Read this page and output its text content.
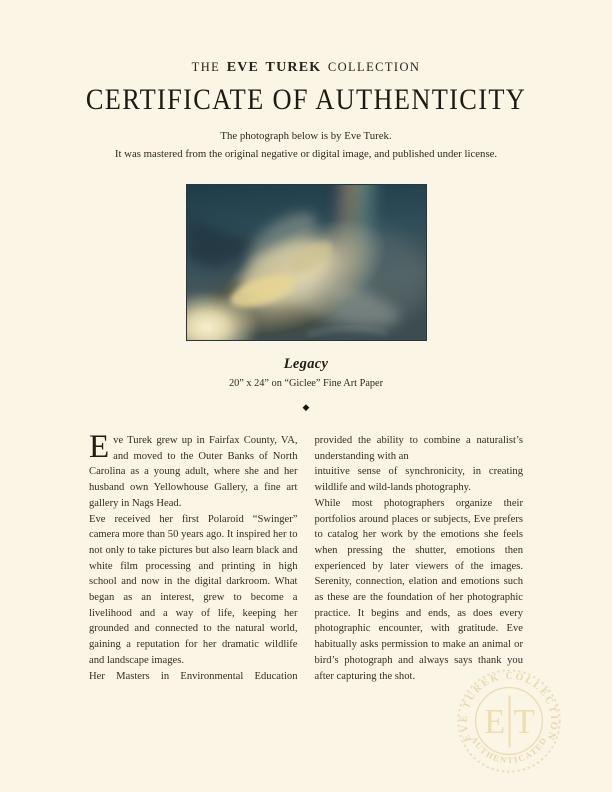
THE EVE TUREK COLLECTION
CERTIFICATE OF AUTHENTICITY

The photograph below is by Eve Turek.

It was mastered from the original negative or digital image, and published under license.

Legacy
20” x 24” on “Giclee” Fine Art Paper
◆

Eve Turek grew up in Fairfax County, VA, and moved to the Outer Banks of North Carolina as a young adult, where she and her husband own Yellowhouse Gallery, a fine art gallery in Nags Head.

Eve received her first Polaroid “Swinger” camera more than 50 years ago. It inspired her to not only to take pictures but also learn black and white film processing and printing in high school and now in the digital darkroom. What began as an interest, grew to become a livelihood and a way of life, keeping her grounded and connected to the natural world, gaining a reputation for her dramatic wildlife and landscape images.

Her Masters in Environmental Education

provided the ability to combine a naturalist’s understanding with an

intuitive sense of synchronicity, in creating wildlife and wild-lands photography.

While most photographers organize their portfolios around places or subjects, Eve prefers to catalog her work by the emotions she feels when pressing the shutter, emotions then experienced by later viewers of the images. Serenity, connection, elation and emotions such as these are the foundation of her photographic practice. It begins and ends, as does every photographic encounter, with gratitude. Eve habitually asks permission to make an animal or bird’s photograph and always says thank you after capturing the shot.

EVE TUREK COLLECTION
AUTHENTICATED
E T
